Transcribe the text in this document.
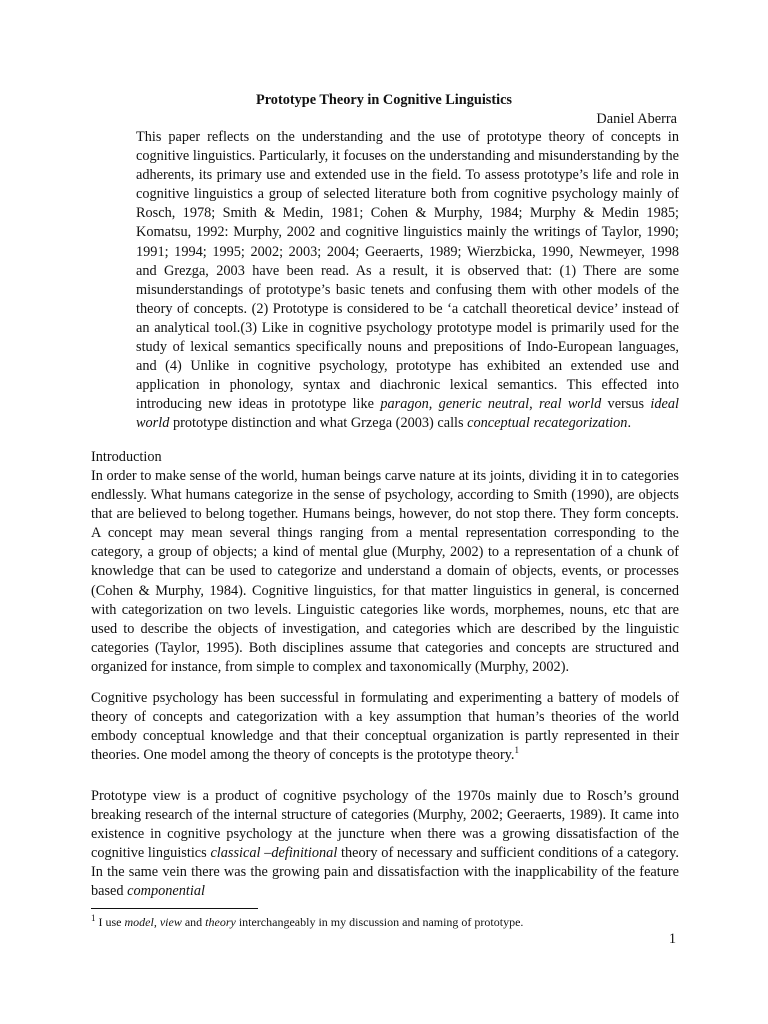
Prototype Theory in Cognitive Linguistics
Daniel Aberra

This paper reflects on the understanding and the use of prototype theory of concepts in cognitive linguistics. Particularly, it focuses on the understanding and misunderstanding by the adherents, its primary use and extended use in the field. To assess prototype’s life and role in cognitive linguistics a group of selected literature both from cognitive psychology mainly of Rosch, 1978; Smith & Medin, 1981; Cohen & Murphy, 1984; Murphy & Medin 1985; Komatsu, 1992: Murphy, 2002 and cognitive linguistics mainly the writings of Taylor, 1990; 1991; 1994; 1995; 2002; 2003; 2004; Geeraerts, 1989; Wierzbicka, 1990, Newmeyer, 1998 and Grezga, 2003 have been read. As a result, it is observed that: (1) There are some misunderstandings of prototype’s basic tenets and confusing them with other models of the theory of concepts. (2) Prototype is considered to be ‘a catchall theoretical device’ instead of an analytical tool.(3) Like in cognitive psychology prototype model is primarily used for the study of lexical semantics specifically nouns and prepositions of Indo-European languages, and (4) Unlike in cognitive psychology, prototype has exhibited an extended use and application in phonology, syntax and diachronic lexical semantics. This effected into introducing new ideas in prototype like paragon, generic neutral, real world versus ideal world prototype distinction and what Grzega (2003) calls conceptual recategorization.

Introduction

In order to make sense of the world, human beings carve nature at its joints, dividing it in to categories endlessly. What humans categorize in the sense of psychology, according to Smith (1990), are objects that are believed to belong together. Humans beings, however, do not stop there. They form concepts. A concept may mean several things ranging from a mental representation corresponding to the category, a group of objects; a kind of mental glue (Murphy, 2002) to a representation of a chunk of knowledge that can be used to categorize and understand a domain of objects, events, or processes (Cohen & Murphy, 1984). Cognitive linguistics, for that matter linguistics in general, is concerned with categorization on two levels. Linguistic categories like words, morphemes, nouns, etc that are used to describe the objects of investigation, and categories which are described by the linguistic categories (Taylor, 1995). Both disciplines assume that categories and concepts are structured and organized for instance, from simple to complex and taxonomically (Murphy, 2002).

Cognitive psychology has been successful in formulating and experimenting a battery of models of theory of concepts and categorization with a key assumption that human’s theories of the world embody conceptual knowledge and that their conceptual organization is partly represented in their theories. One model among the theory of concepts is the prototype theory.$^1$

Prototype view is a product of cognitive psychology of the 1970s mainly due to Rosch’s ground breaking research of the internal structure of categories (Murphy, 2002; Geeraerts, 1989). It came into existence in cognitive psychology at the juncture when there was a growing dissatisfaction of the cognitive linguistics classical –definitional theory of necessary and sufficient conditions of a category. In the same vein there was the growing pain and dissatisfaction with the inapplicability of the feature based componential

$^1$ I use model, view and theory interchangeably in my discussion and naming of prototype.
1
